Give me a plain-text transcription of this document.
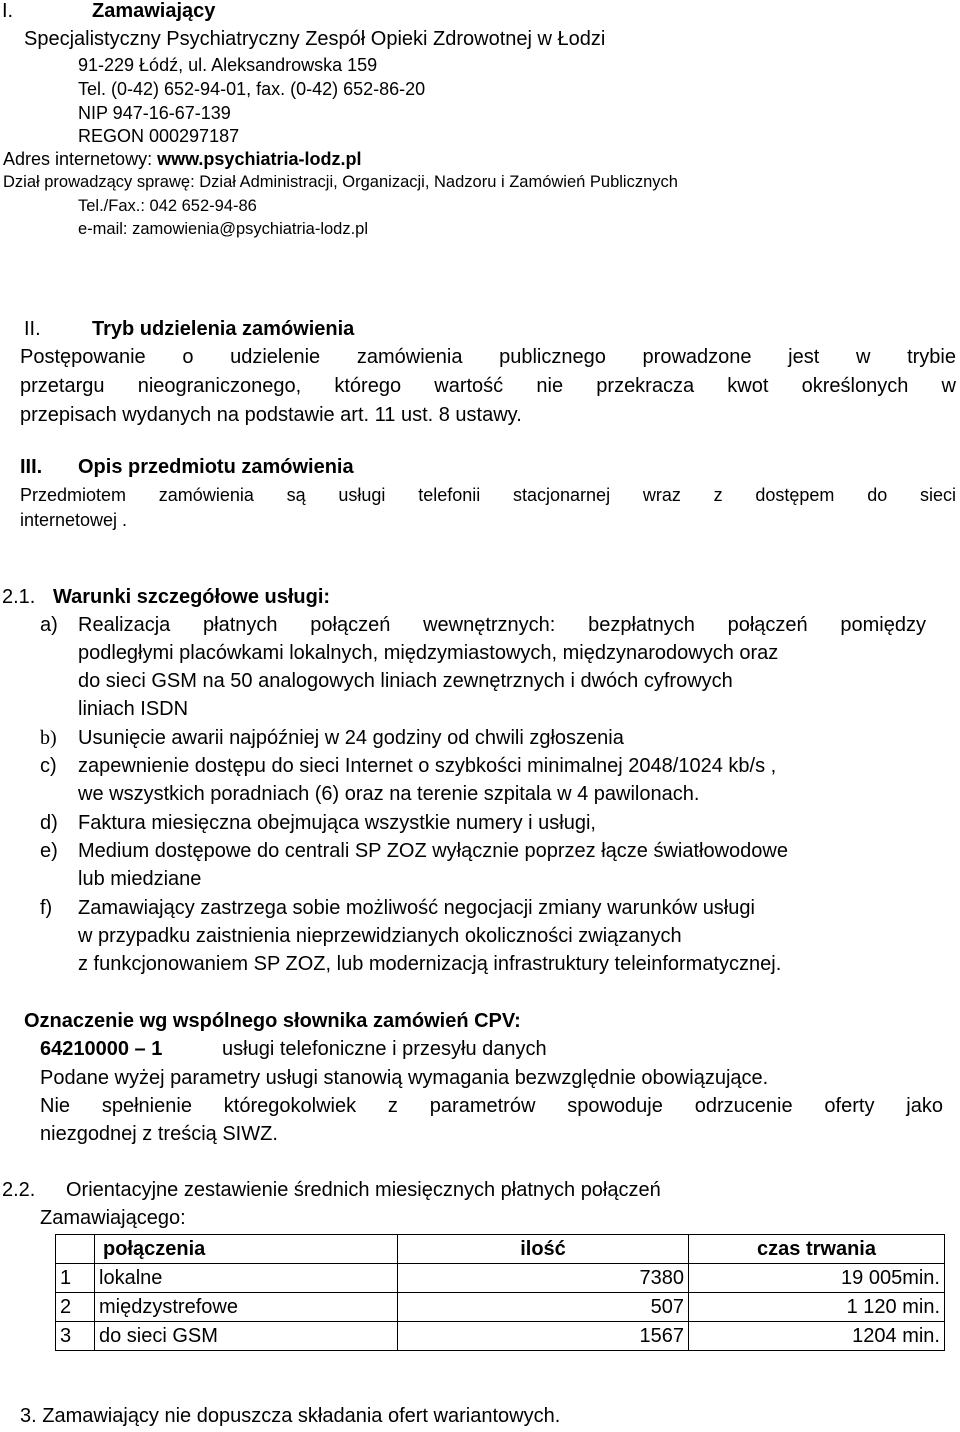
I.	Zamawiający
Specjalistyczny Psychiatryczny Zespół Opieki Zdrowotnej w Łodzi
91-229 Łódź, ul. Aleksandrowska 159
Tel. (0-42) 652-94-01, fax. (0-42) 652-86-20
NIP 947-16-67-139
REGON 000297187
Adres internetowy: www.psychiatria-lodz.pl
Dział prowadzący sprawę: Dział Administracji, Organizacji, Nadzoru i Zamówień Publicznych
Tel./Fax.: 042 652-94-86
e-mail: zamowienia@psychiatria-lodz.pl
II.	Tryb udzielenia zamówienia
Postępowanie o udzielenie zamówienia publicznego prowadzone jest w trybie
przetargu nieograniczonego, którego wartość nie przekracza kwot określonych w
przepisach wydanych na podstawie art. 11 ust. 8 ustawy.
III. Opis przedmiotu zamówienia
Przedmiotem zamówienia są usługi telefonii stacjonarnej wraz z dostępem do sieci
internetowej .
2.1. Warunki szczegółowe usługi:
a) Realizacja płatnych połączeń wewnętrznych: bezpłatnych połączeń pomiędzy
podległymi placówkami lokalnych, międzymiastowych, międzynarodowych oraz
do sieci GSM na 50 analogowych liniach zewnętrznych i dwóch cyfrowych
liniach ISDN
b) Usunięcie awarii najpóźniej w 24 godziny od chwili zgłoszenia
c) zapewnienie dostępu do sieci Internet o szybkości minimalnej 2048/1024 kb/s ,
we wszystkich poradniach (6) oraz na terenie szpitala w 4 pawilonach.
d) Faktura miesięczna obejmująca wszystkie numery i usługi,
e) Medium dostępowe do centrali SP ZOZ wyłącznie poprzez łącze światłowodowe
lub miedziane
f) Zamawiający zastrzega sobie możliwość negocjacji zmiany warunków usługi
w przypadku zaistnienia nieprzewidzianych okoliczności związanych
z funkcjonowaniem SP ZOZ, lub modernizacją infrastruktury teleinformatycznej.
Oznaczenie wg wspólnego słownika zamówień CPV:
64210000 – 1	usługi telefoniczne i przesyłu danych
Podane wyżej parametry usługi stanowią wymagania bezwzględnie obowiązujące.
Nie spełnienie któregokolwiek z parametrów spowoduje odrzucenie oferty jako
niezgodnej z treścią SIWZ.
2.2. Orientacyjne zestawienie średnich miesięcznych płatnych połączeń
Zamawiającego:
	połączenia	ilość	czas trwania
1	lokalne	7380	19 005min.
2	międzystrefowe	507	1 120 min.
3	do sieci GSM	1567	1204 min.
3. Zamawiający nie dopuszcza składania ofert wariantowych.
